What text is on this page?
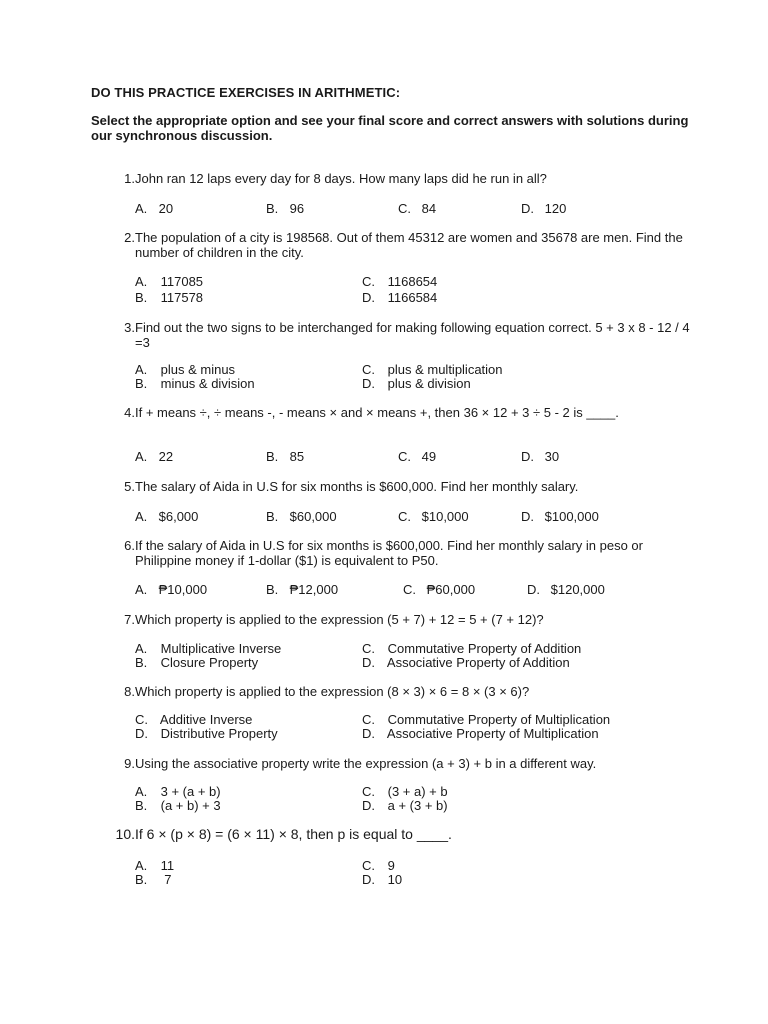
DO THIS PRACTICE EXERCISES IN ARITHMETIC:
Select the appropriate option and see your final score and correct answers with solutions during our synchronous discussion.
1. John ran 12 laps every day for 8 days. How many laps did he run in all?
A. 20	B. 96	C. 84	D. 120
2. The population of a city is 198568. Out of them 45312 are women and 35678 are men. Find the number of children in the city.
A. 117085	C. 1168654
B. 117578	D. 1166584
3. Find out the two signs to be interchanged for making following equation correct. 5 + 3 x 8 - 12 / 4 =3
A. plus & minus	C. plus & multiplication
B. minus & division	D. plus & division
4. If + means ÷, ÷ means -, - means × and × means +, then 36 × 12 + 3 ÷ 5 - 2 is ____.
A. 22	B. 85	C. 49	D. 30
5. The salary of Aida in U.S for six months is $600,000. Find her monthly salary.
A. $6,000	B. $60,000	C. $10,000	D. $100,000
6. If the salary of Aida in U.S for six months is $600,000. Find her monthly salary in peso or Philippine money if 1-dollar ($1) is equivalent to P50.
A. ₱10,000	B. ₱12,000	C. ₱60,000	D. $120,000
7. Which property is applied to the expression (5 + 7) + 12 = 5 + (7 + 12)?
A. Multiplicative Inverse	C. Commutative Property of Addition
B. Closure Property	D. Associative Property of Addition
8. Which property is applied to the expression (8 × 3) × 6 = 8 × (3 × 6)?
C. Additive Inverse	C. Commutative Property of Multiplication
D. Distributive Property	D. Associative Property of Multiplication
9. Using the associative property write the expression (a + 3) + b in a different way.
A. 3 + (a + b)	C. (3 + a) + b
B. (a + b) + 3	D. a + (3 + b)
10. If 6 × (p × 8) = (6 × 11) × 8, then p is equal to ____.
A. 11	C. 9
B.  7	D. 10
